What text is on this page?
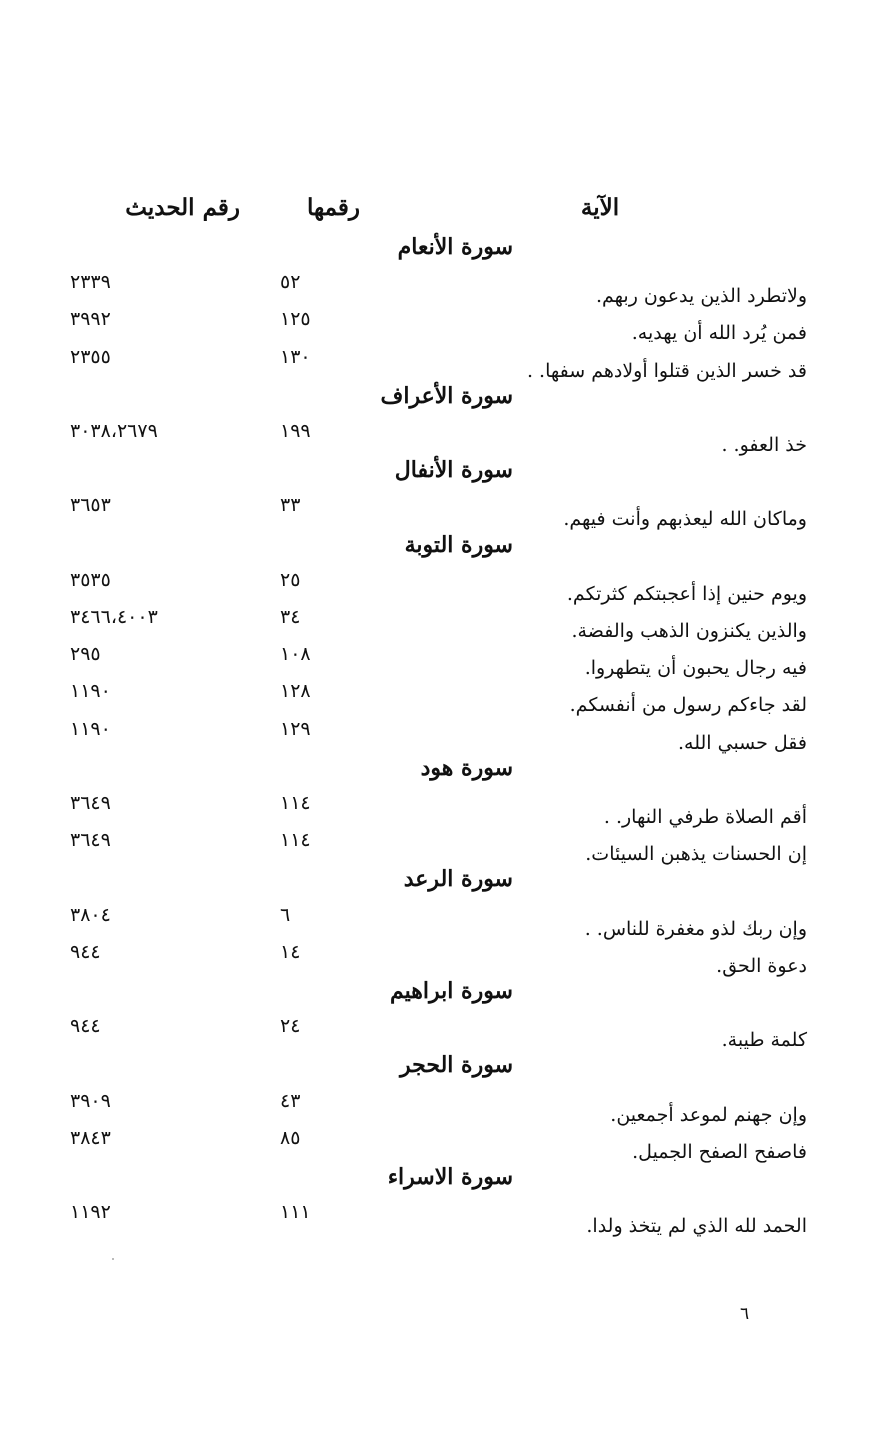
الآية
رقمها
رقم الحديث
سورة الأنعام
ولاتطرد الذين يدعون ربهم.
٥٢
٢٣٣٩
فمن يُرد الله أن يهديه.
١٢٥
٣٩٩٢
قد خسر الذين قتلوا أولادهم سفها. .
١٣٠
٢٣٥٥
سورة الأعراف
خذ العفو. .
١٩٩
٣٠٣٨،٢٦٧٩
سورة الأنفال
وماكان الله ليعذبهم وأنت فيهم.
٣٣
٣٦٥٣
سورة التوبة
ويوم حنين إذا أعجبتكم كثرتكم.
٢٥
٣٥٣٥
والذين يكنزون الذهب والفضة.
٣٤
٣٤٦٦،٤٠٠٣
فيه رجال يحبون أن يتطهروا.
١٠٨
٢٩٥
لقد جاءكم رسول من أنفسكم.
١٢٨
١١٩٠
فقل حسبي الله.
١٢٩
١١٩٠
سورة هود
أقم الصلاة طرفي النهار. .
١١٤
٣٦٤٩
إن الحسنات يذهبن السيئات.
١١٤
٣٦٤٩
سورة الرعد
وإن ربك لذو مغفرة للناس. .
٦
٣٨٠٤
دعوة الحق.
١٤
٩٤٤
سورة ابراهيم
كلمة طيبة.
٢٤
٩٤٤
سورة الحجر
وإن جهنم لموعد أجمعين.
٤٣
٣٩٠٩
فاصفح الصفح الجميل.
٨٥
٣٨٤٣
سورة الاسراء
الحمد لله الذي لم يتخذ ولدا.
١١١
١١٩٢
٦
